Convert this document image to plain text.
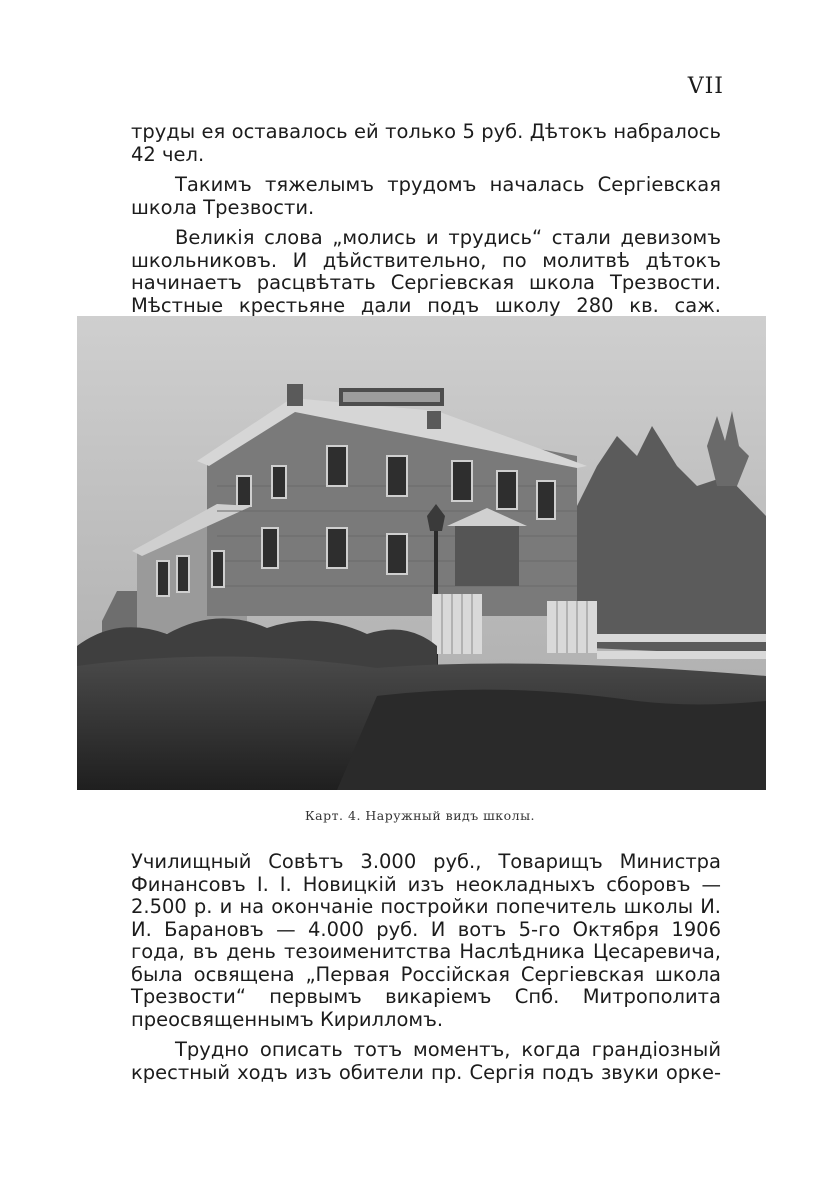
VII

труды ея оставалось ей только 5 руб. Дѣтокъ набралось 42 чел.

Такимъ тяжелымъ трудомъ началась Сергіевская школа Трезвости.

Великія слова „молись и трудись“ стали девизомъ школьниковъ. И дѣйствительно, по молитвѣ дѣтокъ начинаетъ расцвѣтать Сергіевская школа Трезвости. Мѣстные крестьяне дали подъ школу 280 кв. саж.

Карт. 4. Наружный видъ школы.

Училищный Совѣтъ 3.000 руб., Товарищъ Министра Финансовъ І. І. Новицкій изъ неокладныхъ сборовъ — 2.500 р. и на окончаніе постройки попечитель школы И. И. Барановъ — 4.000 руб. И вотъ 5-го Октября 1906 года, въ день тезоименитства Наслѣдника Цесаревича, была освящена „Первая Россійская Сергіевская школа Трезвости“ первымъ викаріемъ Спб. Митрополита преосвященнымъ Кирилломъ.

Трудно описать тотъ моментъ, когда грандіозный крестный ходъ изъ обители пр. Сергія подъ звуки орке-
